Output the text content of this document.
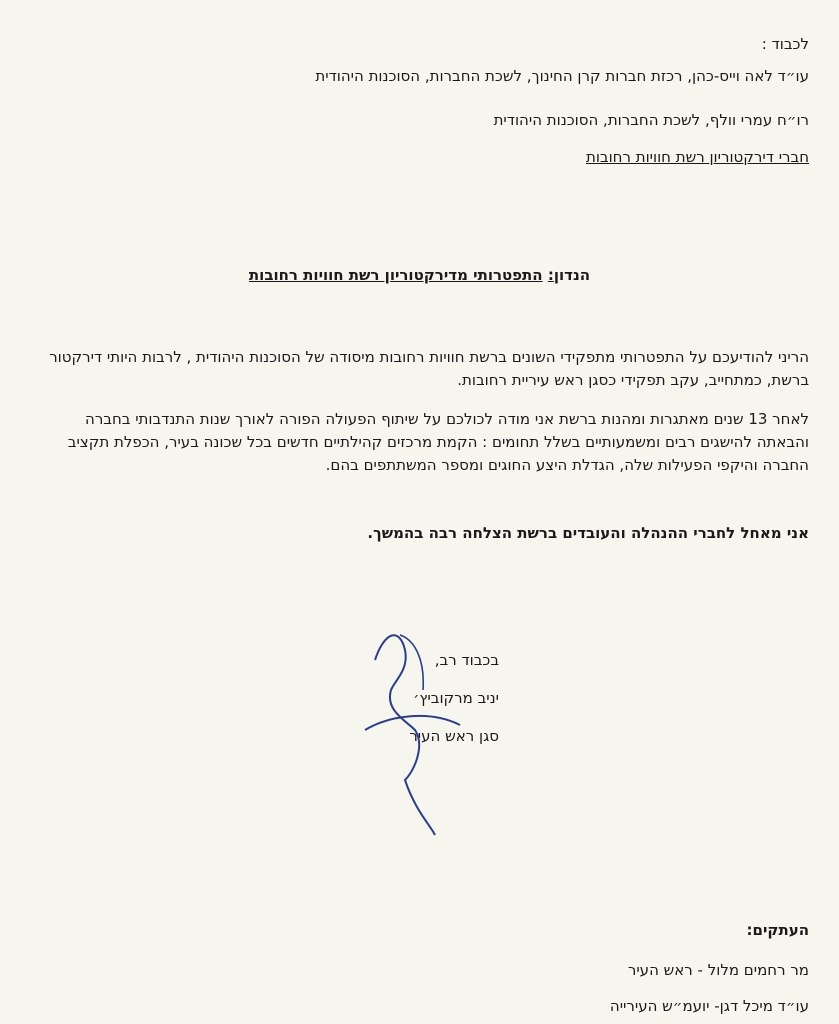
לכבוד :
עו״ד לאה וייס-כהן, רכזת חברות קרן החינוך, לשכת החברות, הסוכנות היהודית
רו״ח עמרי וולף, לשכת החברות, הסוכנות היהודית
חברי דירקטוריון רשת חוויות רחובות
הנדון: התפטרותי מדירקטוריון רשת חוויות רחובות
הריני להודיעכם על התפטרותי מתפקידי השונים ברשת חוויות רחובות מיסודה של הסוכנות היהודית , לרבות היותי דירקטור ברשת, כמתחייב, עקב תפקידי כסגן ראש עיריית רחובות.
לאחר 13 שנים מאתגרות ומהנות ברשת אני מודה לכולכם על שיתוף הפעולה הפורה לאורך שנות התנדבותי בחברה והבאתה להישגים רבים ומשמעותיים בשלל תחומים : הקמת מרכזים קהילתיים חדשים בכל שכונה בעיר, הכפלת תקציב החברה והיקפי הפעילות שלה, הגדלת היצע החוגים ומספר המשתתפים בהם.
אני מאחל לחברי ההנהלה והעובדים ברשת הצלחה רבה בהמשך.
בכבוד רב,
יניב מרקוביץ׳
סגן ראש העיר
העתקים:
מר רחמים מלול - ראש העיר
עו״ד מיכל דגן- יועמ״ש העירייה
